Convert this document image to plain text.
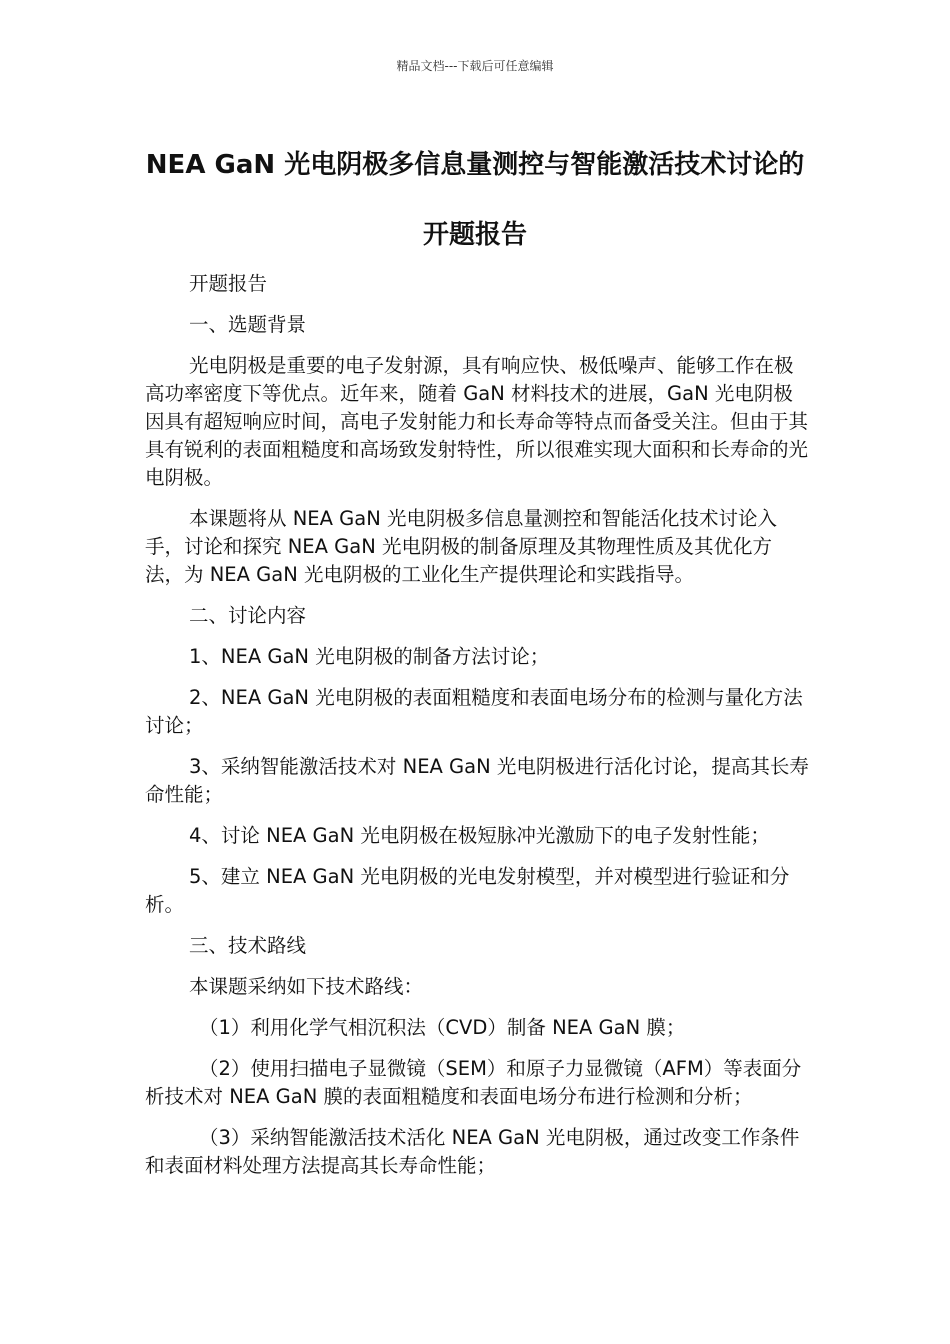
精品文档---下载后可任意编辑
NEA GaN 光电阴极多信息量测控与智能激活技术讨论的开题报告

开题报告

一、选题背景

光电阴极是重要的电子发射源，具有响应快、极低噪声、能够工作在极高功率密度下等优点。近年来，随着 GaN 材料技术的进展，GaN 光电阴极因具有超短响应时间，高电子发射能力和长寿命等特点而备受关注。但由于其具有锐利的表面粗糙度和高场致发射特性，所以很难实现大面积和长寿命的光电阴极。

本课题将从 NEA GaN 光电阴极多信息量测控和智能活化技术讨论入手，讨论和探究 NEA GaN 光电阴极的制备原理及其物理性质及其优化方法，为 NEA GaN 光电阴极的工业化生产提供理论和实践指导。

二、讨论内容

1、NEA GaN 光电阴极的制备方法讨论；

2、NEA GaN 光电阴极的表面粗糙度和表面电场分布的检测与量化方法讨论；

3、采纳智能激活技术对 NEA GaN 光电阴极进行活化讨论，提高其长寿命性能；

4、讨论 NEA GaN 光电阴极在极短脉冲光激励下的电子发射性能；

5、建立 NEA GaN 光电阴极的光电发射模型，并对模型进行验证和分析。

三、技术路线

本课题采纳如下技术路线：

（1）利用化学气相沉积法（CVD）制备 NEA GaN 膜；

（2）使用扫描电子显微镜（SEM）和原子力显微镜（AFM）等表面分析技术对 NEA GaN 膜的表面粗糙度和表面电场分布进行检测和分析；

（3）采纳智能激活技术活化 NEA GaN 光电阴极，通过改变工作条件和表面材料处理方法提高其长寿命性能；
